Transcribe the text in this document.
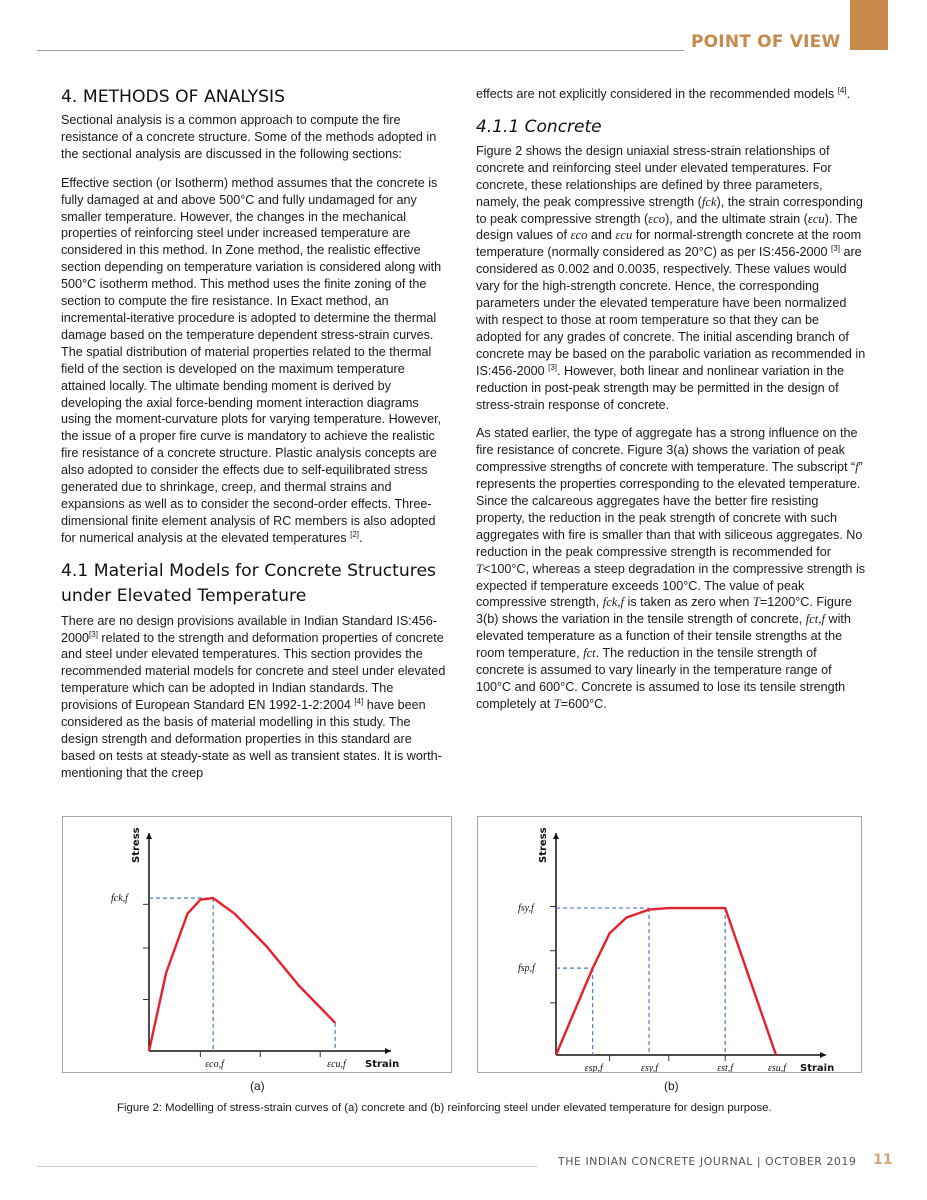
POINT OF VIEW
4. METHODS OF ANALYSIS

Sectional analysis is a common approach to compute the fire resistance of a concrete structure. Some of the methods adopted in the sectional analysis are discussed in the following sections:

Effective section (or Isotherm) method assumes that the concrete is fully damaged at and above 500°C and fully undamaged for any smaller temperature. However, the changes in the mechanical properties of reinforcing steel under increased temperature are considered in this method. In Zone method, the realistic effective section depending on temperature variation is considered along with 500°C isotherm method. This method uses the finite zoning of the section to compute the fire resistance. In Exact method, an incremental-iterative procedure is adopted to determine the thermal damage based on the temperature dependent stress-strain curves. The spatial distribution of material properties related to the thermal field of the section is developed on the maximum temperature attained locally. The ultimate bending moment is derived by developing the axial force-bending moment interaction diagrams using the moment-curvature plots for varying temperature. However, the issue of a proper fire curve is mandatory to achieve the realistic fire resistance of a concrete structure. Plastic analysis concepts are also adopted to consider the effects due to self-equilibrated stress generated due to shrinkage, creep, and thermal strains and expansions as well as to consider the second-order effects. Three-dimensional finite element analysis of RC members is also adopted for numerical analysis at the elevated temperatures [2].

4.1 Material Models for Concrete Structures under Elevated Temperature

There are no design provisions available in Indian Standard IS:456-2000[3] related to the strength and deformation properties of concrete and steel under elevated temperatures. This section provides the recommended material models for concrete and steel under elevated temperature which can be adopted in Indian standards. The provisions of European Standard EN 1992-1-2:2004 [4] have been considered as the basis of material modelling in this study. The design strength and deformation properties in this standard are based on tests at steady-state as well as transient states. It is worth-mentioning that the creep

effects are not explicitly considered in the recommended models [4].

4.1.1 Concrete

Figure 2 shows the design uniaxial stress-strain relationships of concrete and reinforcing steel under elevated temperatures. For concrete, these relationships are defined by three parameters, namely, the peak compressive strength (fck), the strain corresponding to peak compressive strength (εco), and the ultimate strain (εcu). The design values of εco and εcu for normal-strength concrete at the room temperature (normally considered as 20°C) as per IS:456-2000 [3] are considered as 0.002 and 0.0035, respectively. These values would vary for the high-strength concrete. Hence, the corresponding parameters under the elevated temperature have been normalized with respect to those at room temperature so that they can be adopted for any grades of concrete. The initial ascending branch of concrete may be based on the parabolic variation as recommended in IS:456-2000 [3]. However, both linear and nonlinear variation in the reduction in post-peak strength may be permitted in the design of stress-strain response of concrete.

As stated earlier, the type of aggregate has a strong influence on the fire resistance of concrete. Figure 3(a) shows the variation of peak compressive strengths of concrete with temperature. The subscript “f” represents the properties corresponding to the elevated temperature. Since the calcareous aggregates have the better fire resisting property, the reduction in the peak strength of concrete with such aggregates with fire is smaller than that with siliceous aggregates. No reduction in the peak compressive strength is recommended for T<100°C, whereas a steep degradation in the compressive strength is expected if temperature exceeds 100°C. The value of peak compressive strength, fck,f is taken as zero when T=1200°C. Figure 3(b) shows the variation in the tensile strength of concrete, fct,f with elevated temperature as a function of their tensile strengths at the room temperature, fct. The reduction in the tensile strength of concrete is assumed to vary linearly in the temperature range of 100°C and 600°C. Concrete is assumed to lose its tensile strength completely at T=600°C.

Stress
Strain
fck,f
εco,f	εcu,f
Stress
Strain
fsy,f
fsp,f
εsp,f	εsy,f	εst,f	εsu,f
(a)	(b)
Figure 2: Modelling of stress-strain curves of (a) concrete and (b) reinforcing steel under elevated temperature for design purpose.
THE INDIAN CONCRETE JOURNAL | OCTOBER 2019 11
